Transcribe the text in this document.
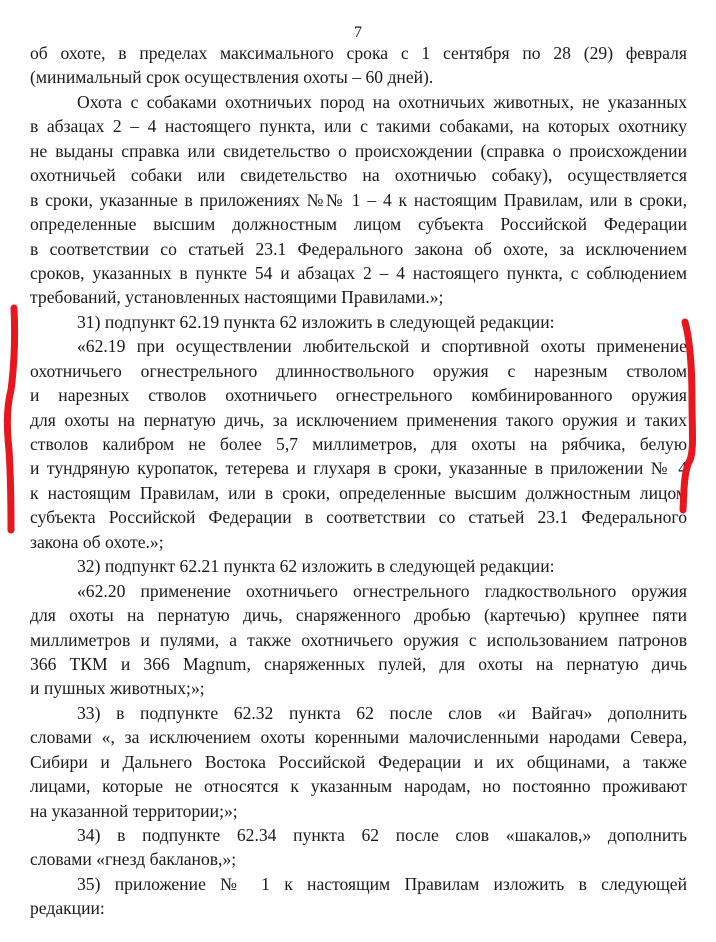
7
об охоте, в пределах максимального срока с 1 сентября по 28 (29) февраля
(минимальный срок осуществления охоты – 60 дней).
Охота с собаками охотничьих пород на охотничьих животных, не указанных
в абзацах 2 – 4 настоящего пункта, или с такими собаками, на которых охотнику
не выданы справка или свидетельство о происхождении (справка о происхождении
охотничьей собаки или свидетельство на охотничью собаку), осуществляется
в сроки, указанные в приложениях №№ 1 – 4 к настоящим Правилам, или в сроки,
определенные высшим должностным лицом субъекта Российской Федерации
в соответствии со статьей 23.1 Федерального закона об охоте, за исключением
сроков, указанных в пункте 54 и абзацах 2 – 4 настоящего пункта, с соблюдением
требований, установленных настоящими Правилами.»;
31) подпункт 62.19 пункта 62 изложить в следующей редакции:
«62.19 при осуществлении любительской и спортивной охоты применение
охотничьего огнестрельного длинноствольного оружия с нарезным стволом
и нарезных стволов охотничьего огнестрельного комбинированного оружия
для охоты на пернатую дичь, за исключением применения такого оружия и таких
стволов калибром не более 5,7 миллиметров, для охоты на рябчика, белую
и тундряную куропаток, тетерева и глухаря в сроки, указанные в приложении № 4
к настоящим Правилам, или в сроки, определенные высшим должностным лицом
субъекта Российской Федерации в соответствии со статьей 23.1 Федерального
закона об охоте.»;
32) подпункт 62.21 пункта 62 изложить в следующей редакции:
«62.20 применение охотничьего огнестрельного гладкоствольного оружия
для охоты на пернатую дичь, снаряженного дробью (картечью) крупнее пяти
миллиметров и пулями, а также охотничьего оружия с использованием патронов
366 ТКМ и 366 Magnum, снаряженных пулей, для охоты на пернатую дичь
и пушных животных;»;
33) в подпункте 62.32 пункта 62 после слов «и Вайгач» дополнить
словами «, за исключением охоты коренными малочисленными народами Севера,
Сибири и Дальнего Востока Российской Федерации и их общинами, а также
лицами, которые не относятся к указанным народам, но постоянно проживают
на указанной территории;»;
34) в подпункте 62.34 пункта 62 после слов «шакалов,» дополнить
словами «гнезд бакланов,»;
35) приложение № 1 к настоящим Правилам изложить в следующей
редакции:
